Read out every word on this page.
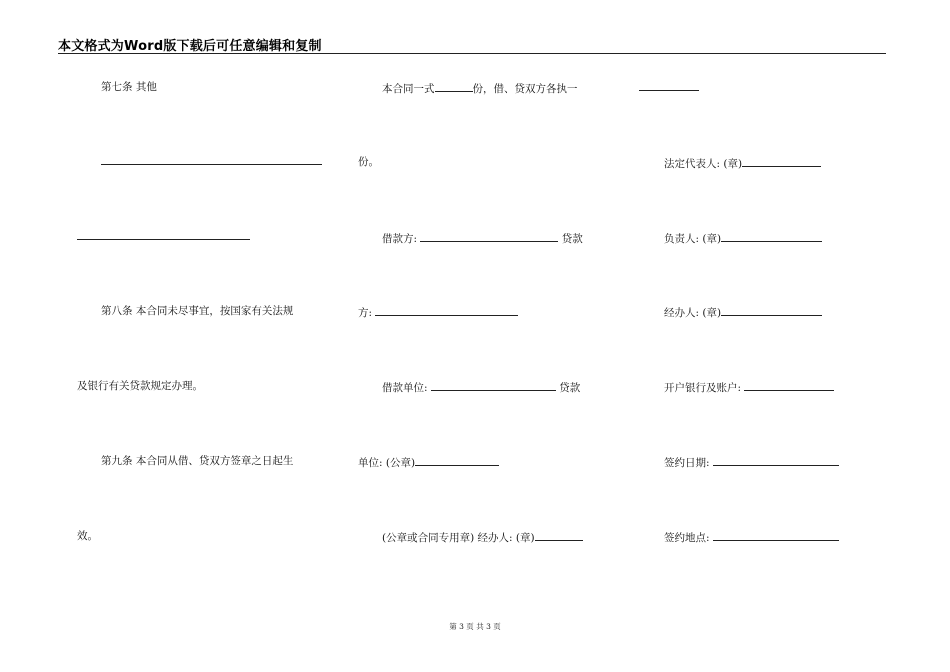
本文格式为Word版下载后可任意编辑和复制
第七条 其他
第八条 本合同未尽事宜，按国家有关法规
及银行有关贷款规定办理。
第九条 本合同从借、贷双方签章之日起生
效。
本合同一式	份，借、贷双方各执一
份。
借款方:	贷款
方:
借款单位:	贷款
单位: (公章)
(公章或合同专用章) 经办人: (章)
法定代表人: (章)
负责人: (章)
经办人: (章)
开户银行及账户:
签约日期:
签约地点:
第 3 页 共 3 页
